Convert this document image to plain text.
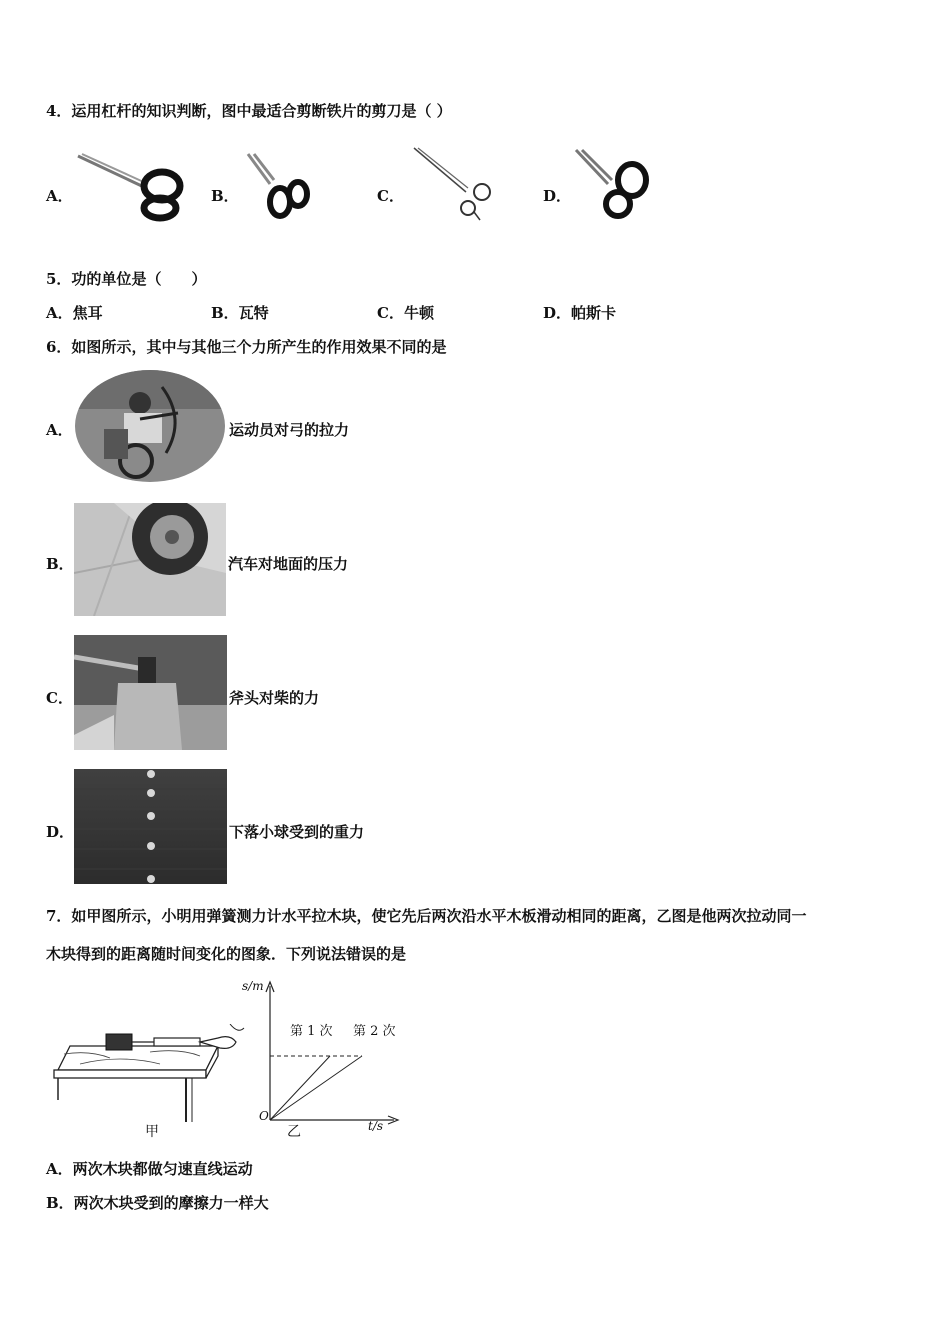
4．运用杠杆的知识判断，图中最适合剪断铁片的剪刀是（ ）
A．	B．	C．	D．
5．功的单位是（　　）
A．焦耳	B．瓦特	C．牛顿	D．帕斯卡
6．如图所示，其中与其他三个力所产生的作用效果不同的是
A．	运动员对弓的拉力
B．	汽车对地面的压力
C．	斧头对柴的力
D．	下落小球受到的重力
7．如甲图所示，小明用弹簧测力计水平拉木块，使它先后两次沿水平木板滑动相同的距离，乙图是他两次拉动同一
木块得到的距离随时间变化的图象．下列说法错误的是
甲
s/m
t/s
O
第 1 次 第 2 次
乙
A．两次木块都做匀速直线运动
B．两次木块受到的摩擦力一样大
